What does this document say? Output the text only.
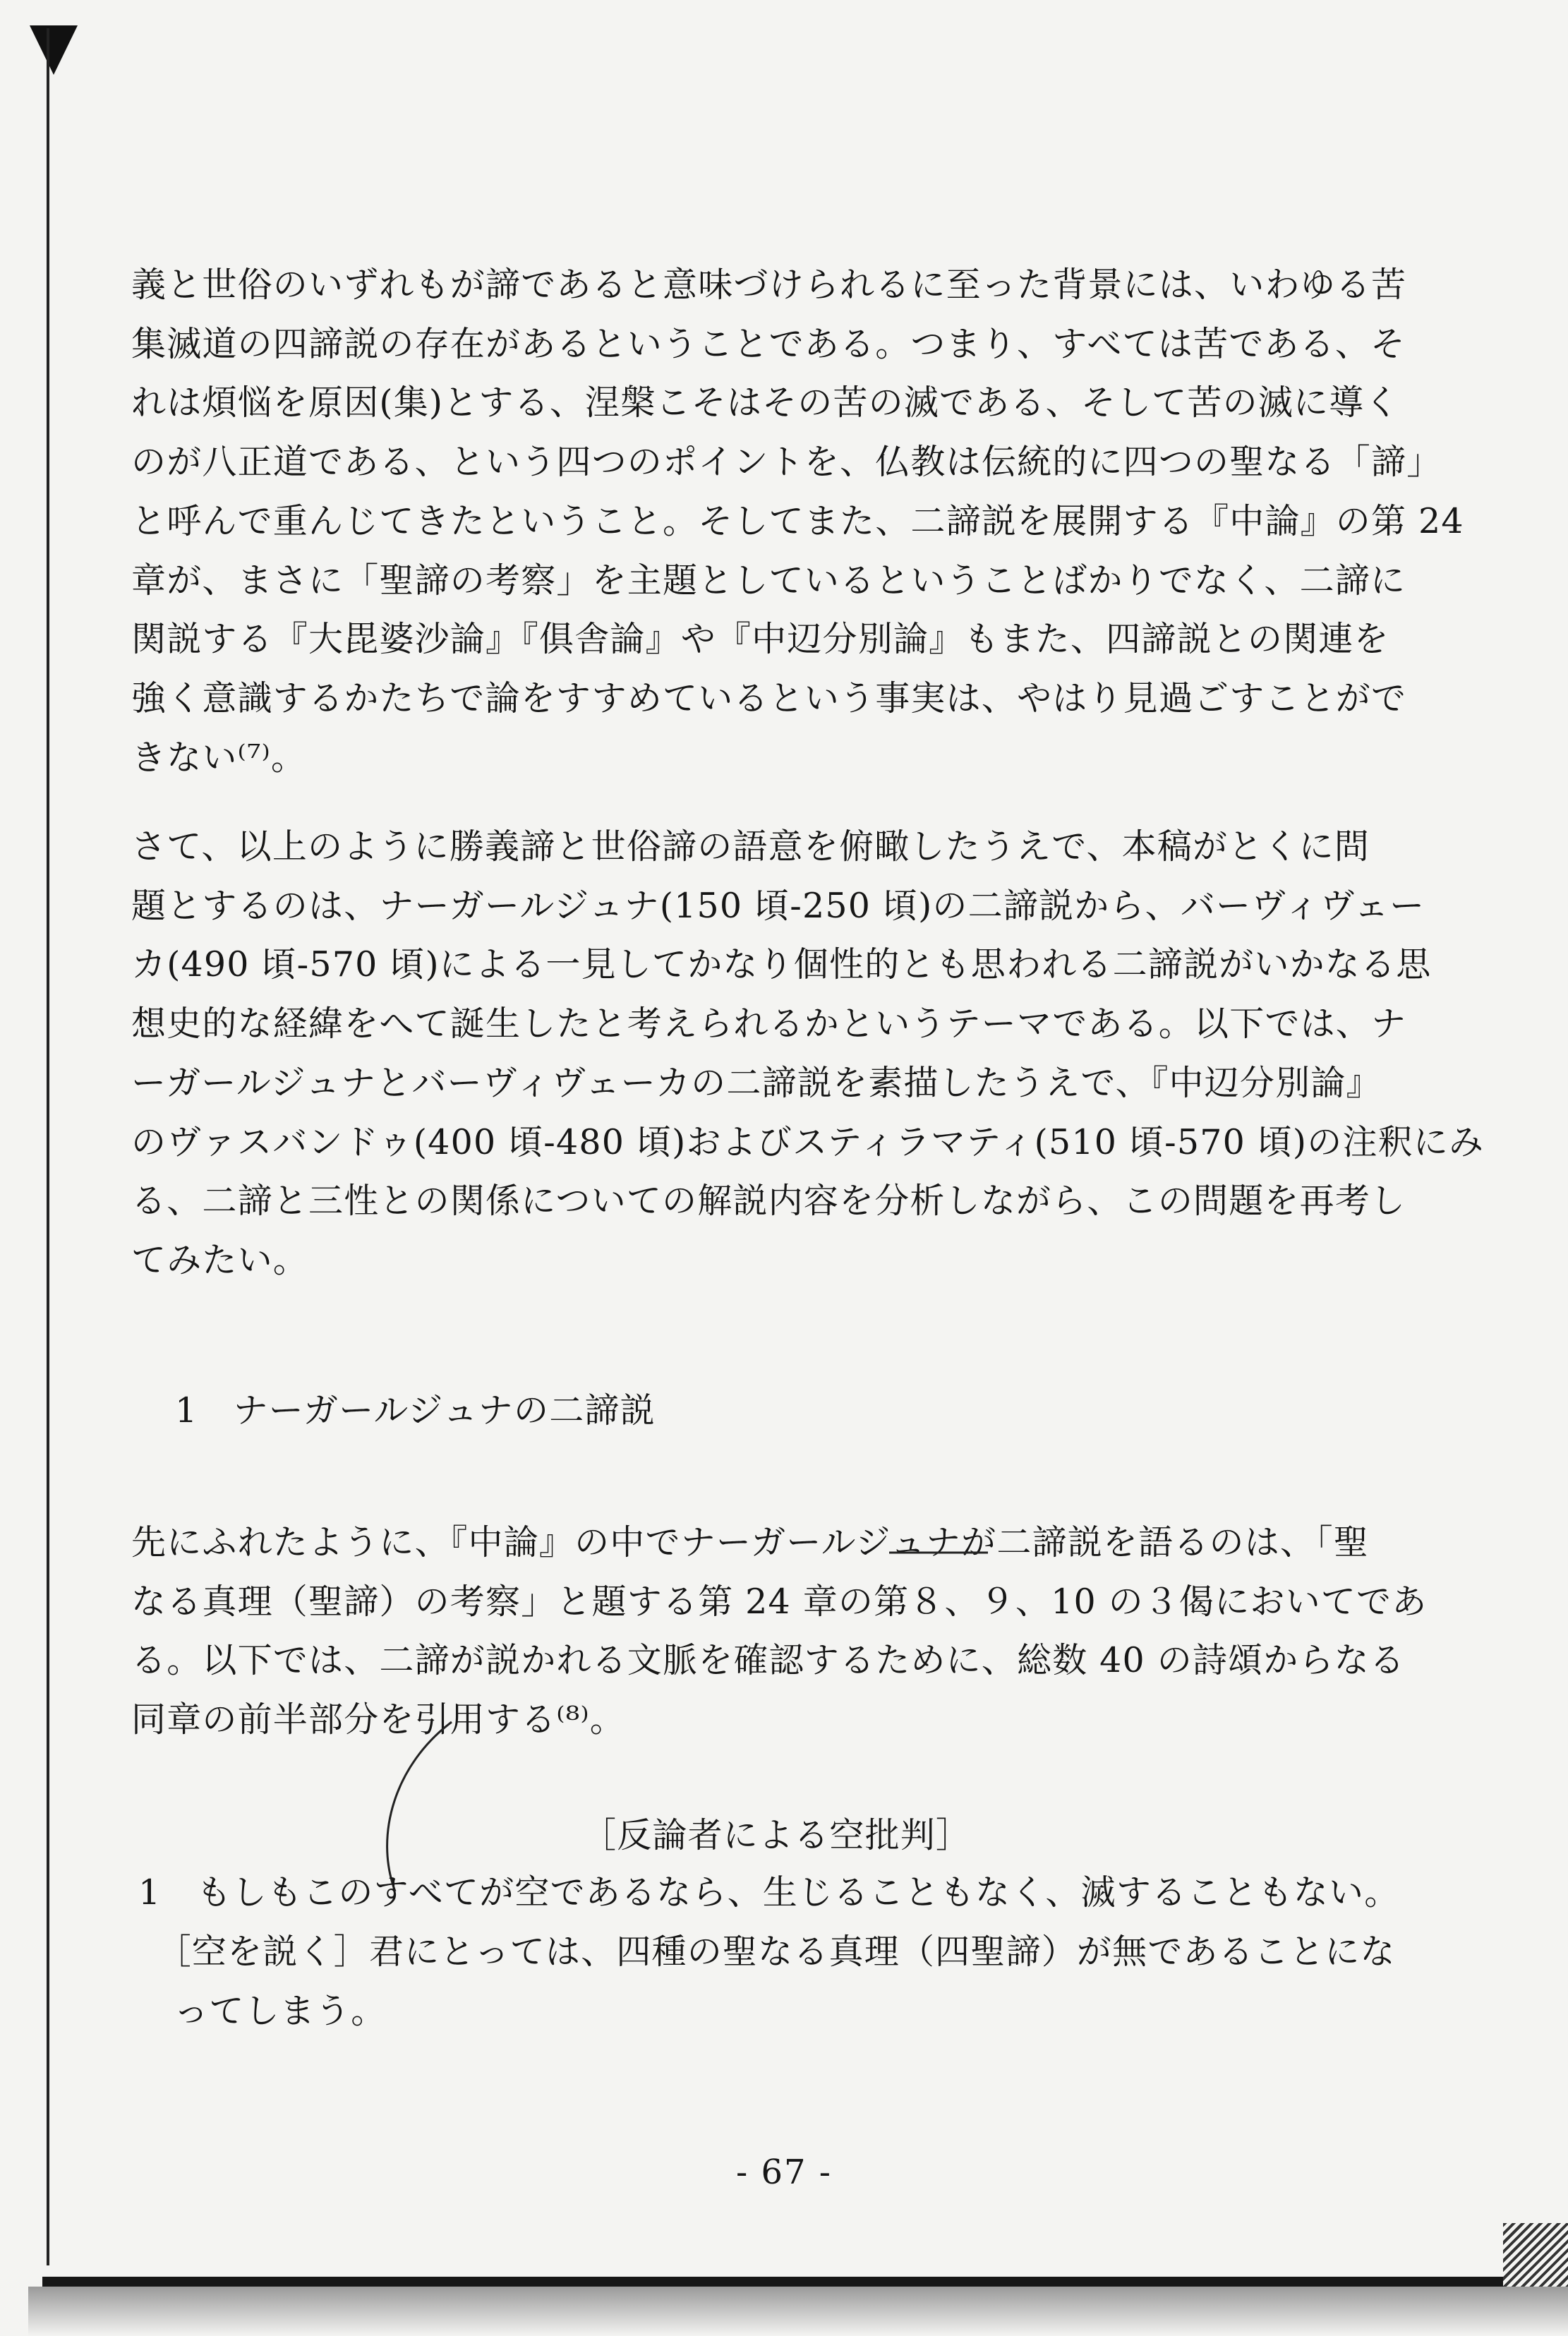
義と世俗のいずれもが諦であると意味づけられるに至った背景には、いわゆる苦
集滅道の四諦説の存在があるということである。つまり、すべては苦である、そ
れは煩悩を原因(集)とする、涅槃こそはその苦の滅である、そして苦の滅に導く
のが八正道である、という四つのポイントを、仏教は伝統的に四つの聖なる「諦」
と呼んで重んじてきたということ。そしてまた、二諦説を展開する『中論』の第 24
章が、まさに「聖諦の考察」を主題としているということばかりでなく、二諦に
関説する『大毘婆沙論』『俱舎論』や『中辺分別論』もまた、四諦説との関連を
強く意識するかたちで論をすすめているという事実は、やはり見過ごすことがで
きない⁽⁷⁾。
さて、以上のように勝義諦と世俗諦の語意を俯瞰したうえで、本稿がとくに問
題とするのは、ナーガールジュナ(150 頃-250 頃)の二諦説から、バーヴィヴェー
カ(490 頃-570 頃)による一見してかなり個性的とも思われる二諦説がいかなる思
想史的な経緯をへて誕生したと考えられるかというテーマである。以下では、ナ
ーガールジュナとバーヴィヴェーカの二諦説を素描したうえで、『中辺分別論』
のヴァスバンドゥ(400 頃-480 頃)およびスティラマティ(510 頃-570 頃)の注釈にみ
る、二諦と三性との関係についての解説内容を分析しながら、この問題を再考し
てみたい。
1　ナーガールジュナの二諦説
先にふれたように、『中論』の中でナーガールジュナが二諦説を語るのは、「聖
なる真理（聖諦）の考察」と題する第 24 章の第８、９、10 の３偈においてであ
る。以下では、二諦が説かれる文脈を確認するために、総数 40 の詩頌からなる
同章の前半部分を引用する⁽⁸⁾。
［反論者による空批判］
1　もしもこのすべてが空であるなら、生じることもなく、滅することもない。
　［空を説く］君にとっては、四種の聖なる真理（四聖諦）が無であることにな
　ってしまう。
- 67 -
